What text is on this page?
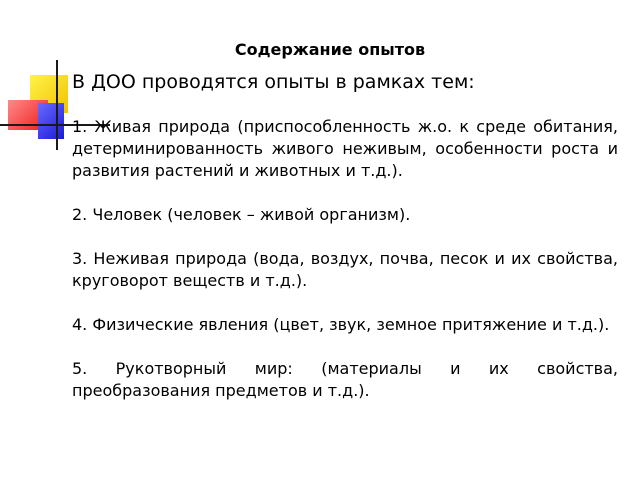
Содержание опытов

В ДОО проводятся опыты в рамках тем:

1. Живая природа (приспособленность ж.о. к среде обитания, детерминированность живого неживым, особенности роста и развития растений и животных и т.д.).

2. Человек (человек – живой организм).

3. Неживая природа (вода, воздух, почва, песок и их свойства, круговорот веществ и т.д.).

4. Физические явления (цвет, звук, земное притяжение и т.д.).

5. Рукотворный мир: (материалы и их свойства, преобразования предметов и т.д.).
